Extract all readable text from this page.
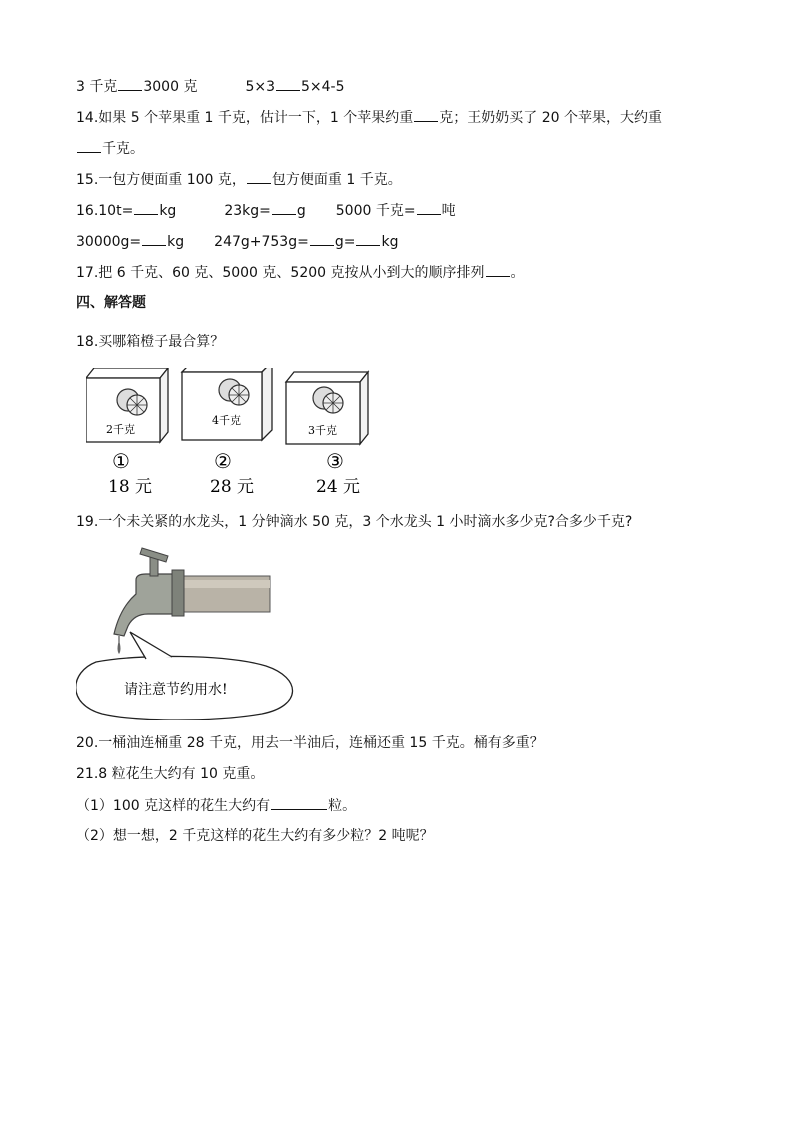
3 千克 3000 克	5×3 5×4-5
14.如果 5 个苹果重 1 千克，估计一下，1 个苹果约重 克；王奶奶买了 20 个苹果，大约重
千克。
15.一包方便面重 100 克， 包方便面重 1 千克。
16.10t= kg	23kg= g 5000 千克= 吨
30000g= kg 247g+753g= g= kg
17.把 6 千克、60 克、5000 克、5200 克按从小到大的顺序排列 。
四、解答题
18.买哪箱橙子最合算？
2千克
①
18 元
4千克
②
28 元
3千克
③
24 元
19.一个未关紧的水龙头，1 分钟滴水 50 克，3 个水龙头 1 小时滴水多少克?合多少千克?
请注意节约用水!
20.一桶油连桶重 28 千克，用去一半油后，连桶还重 15 千克。桶有多重？
21.8 粒花生大约有 10 克重。
（1）100 克这样的花生大约有	粒。
（2）想一想，2 千克这样的花生大约有多少粒？2 吨呢？
